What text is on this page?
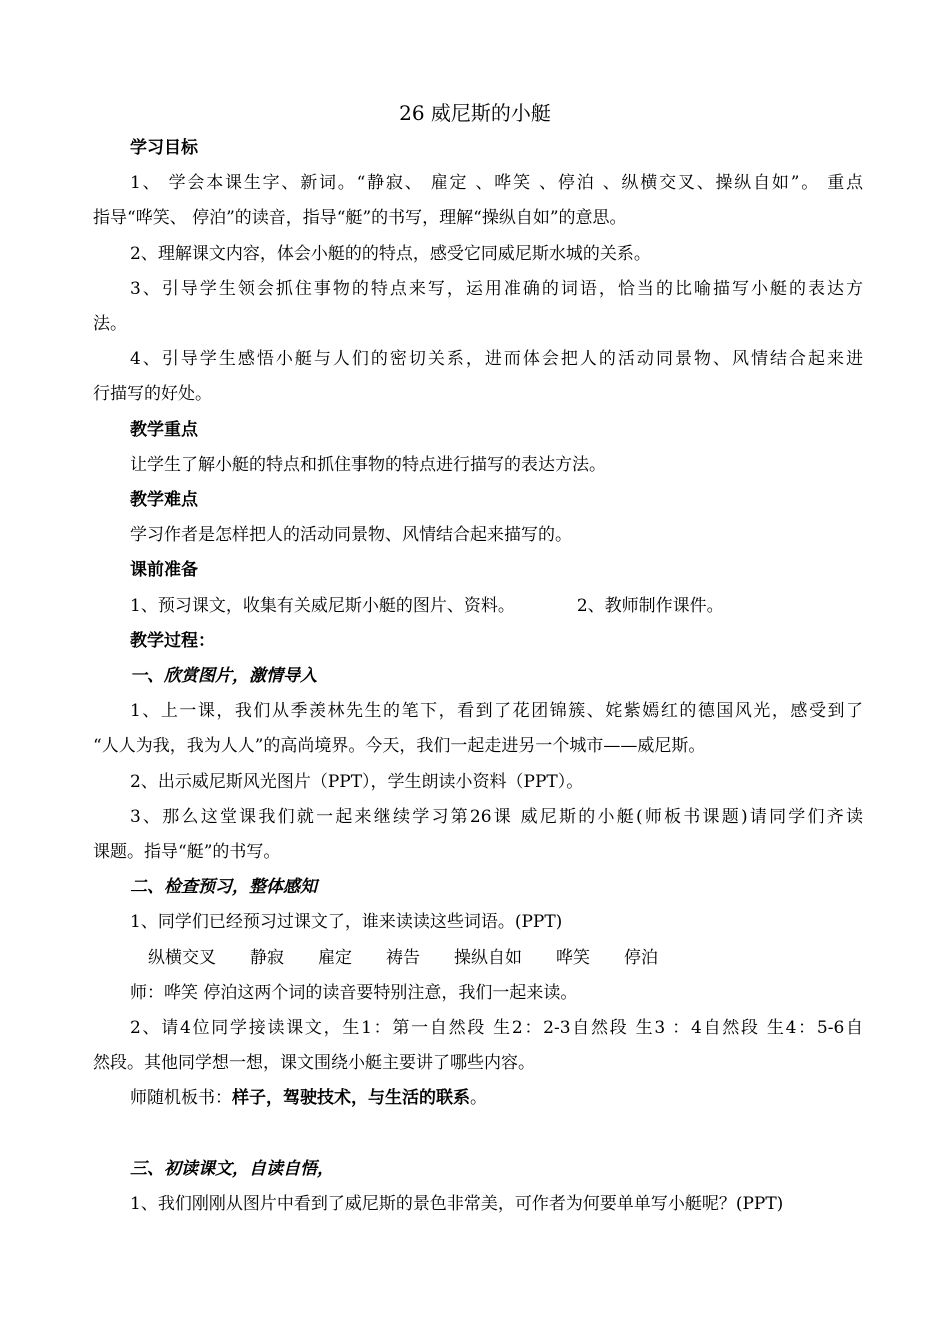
26 威尼斯的小艇
学习目标
1、 学会本课生字、新词。“静寂、 雇定 、哗笑 、停泊 、纵横交叉、操纵自如”。 重点
指导“哗笑、 停泊”的读音，指导“艇”的书写，理解“操纵自如”的意思。
2、理解课文内容，体会小艇的的特点，感受它同威尼斯水城的关系。
3、引导学生领会抓住事物的特点来写，运用准确的词语，恰当的比喻描写小艇的表达方
法。
4、引导学生感悟小艇与人们的密切关系，进而体会把人的活动同景物、风情结合起来进
行描写的好处。
教学重点
让学生了解小艇的特点和抓住事物的特点进行描写的表达方法。
教学难点
学习作者是怎样把人的活动同景物、风情结合起来描写的。
课前准备
1、预习课文，收集有关威尼斯小艇的图片、资料。	2、教师制作课件。
教学过程：
一、欣赏图片，激情导入
1、上一课，我们从季羡林先生的笔下，看到了花团锦簇、姹紫嫣红的德国风光，感受到了
“人人为我，我为人人”的高尚境界。今天，我们一起走进另一个城市——威尼斯。
2、出示威尼斯风光图片（PPT），学生朗读小资料（PPT）。
3、那么这堂课我们就一起来继续学习第26课 威尼斯的小艇(师板书课题)请同学们齐读
课题。指导“艇”的书写。
二、检查预习，整体感知
1、同学们已经预习过课文了，谁来读读这些词语。(PPT)
纵横交叉 静寂 雇定 祷告 操纵自如 哗笑 停泊
师：哗笑 停泊这两个词的读音要特别注意，我们一起来读。
2、请4位同学接读课文，生1：第一自然段 生2：2-3自然段 生3 ：4自然段 生4：5-6自
然段。其他同学想一想，课文围绕小艇主要讲了哪些内容。
师随机板书：样子，驾驶技术，与生活的联系。
三、初读课文，自读自悟，
1、我们刚刚从图片中看到了威尼斯的景色非常美，可作者为何要单单写小艇呢？(PPT)
